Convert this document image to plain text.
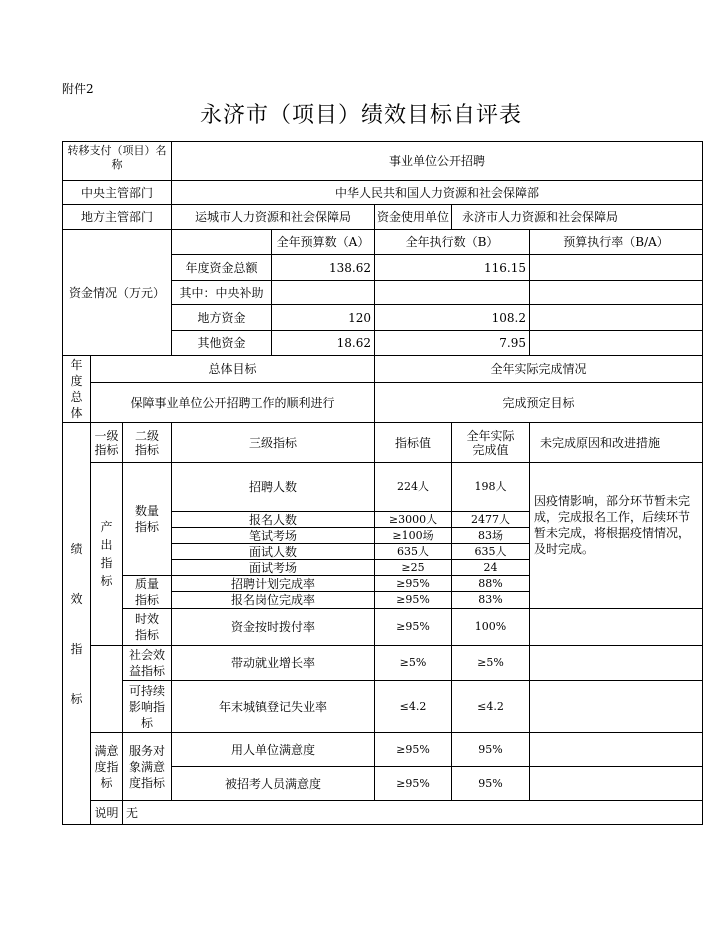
附件2
永济市（项目）绩效目标自评表
转移支付（项目）名称			事业单位公开招聘				
中央主管部门			中华人民共和国人力资源和社会保障部				
地方主管部门			运城市人力资源和社会保障局		资金使用单位	永济市人力资源和社会保障局	
资金情况（万元）				全年预算数（A）	全年执行数（B）		预算执行率（B/A）
			年度资金总额	138.62	116.15		
			其中：中央补助				
			地方资金	120	108.2		
			其他资金	18.62	7.95		

年度总体	总体目标				全年实际完成情况		
	保障事业单位公开招聘工作的顺利进行				完成预定目标		

绩效指标	一级指标	二级指标	三级指标		指标值	全年实际完成值	未完成原因和改进措施

	产出指标	数量指标	招聘人数		224人	198人	因疫情影响，部分环节暂未完成，完成报名工作，后续环节暂未完成，将根据疫情情况，及时完成。
			报名人数		≥3000人	2477人	
			笔试考场		≥100场	83场	
			面试人数		635人	635人	
			面试考场		≥25	24	

		质量指标	招聘计划完成率		≥95%	88%	
			报名岗位完成率		≥95%	83%	

		时效指标	资金按时拨付率		≥95%	100%	

		社会效益指标	带动就业增长率		≥5%	≥5%	

		可持续影响指标	年末城镇登记失业率		≤4.2	≤4.2	

	满意度指标	服务对象满意度指标	用人单位满意度		≥95%	95%	
			被招考人员满意度		≥95%	95%	
	说明	无					
